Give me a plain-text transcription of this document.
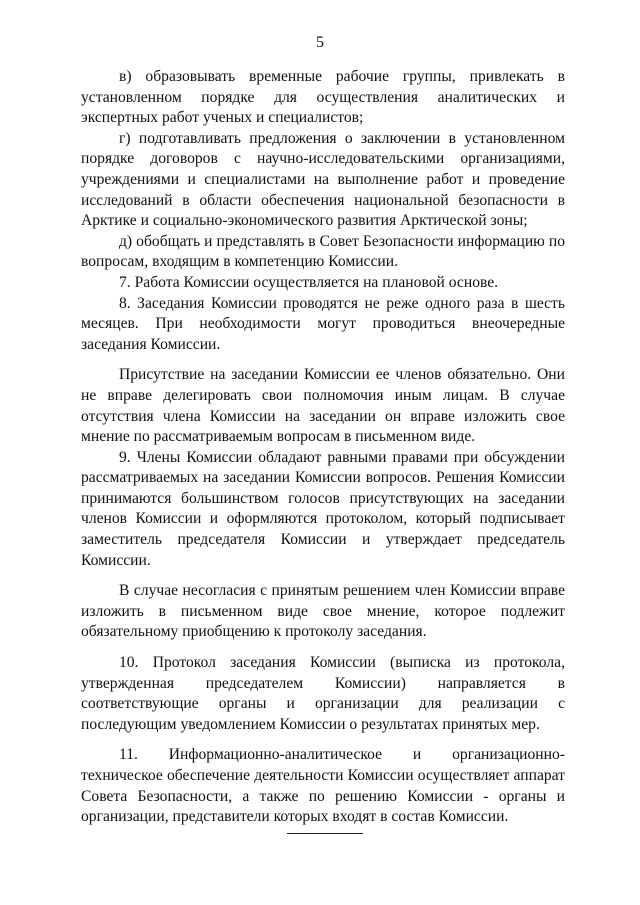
5

в) образовывать временные рабочие группы, привлекать в установленном порядке для осуществления аналитических и экспертных работ ученых и специалистов;

г) подготавливать предложения о заключении в установленном порядке договоров с научно-исследовательскими организациями, учреждениями и специалистами на выполнение работ и проведение исследований в области обеспечения национальной безопасности в Арктике и социально-экономического развития Арктической зоны;

д) обобщать и представлять в Совет Безопасности информацию по вопросам, входящим в компетенцию Комиссии.

7. Работа Комиссии осуществляется на плановой основе.

8. Заседания Комиссии проводятся не реже одного раза в шесть месяцев. При необходимости могут проводиться внеочередные заседания Комиссии.

Присутствие на заседании Комиссии ее членов обязательно. Они не вправе делегировать свои полномочия иным лицам. В случае отсутствия члена Комиссии на заседании он вправе изложить свое мнение по рассматриваемым вопросам в письменном виде.

9. Члены Комиссии обладают равными правами при обсуждении рассматриваемых на заседании Комиссии вопросов. Решения Комиссии принимаются большинством голосов присутствующих на заседании членов Комиссии и оформляются протоколом, который подписывает заместитель председателя Комиссии и утверждает председатель Комиссии.

В случае несогласия с принятым решением член Комиссии вправе изложить в письменном виде свое мнение, которое подлежит обязательному приобщению к протоколу заседания.

10. Протокол заседания Комиссии (выписка из протокола, утвержденная председателем Комиссии) направляется в соответствующие органы и организации для реализации с последующим уведомлением Комиссии о результатах принятых мер.

11. Информационно-аналитическое и организационно-техническое обеспечение деятельности Комиссии осуществляет аппарат Совета Безопасности, а также по решению Комиссии - органы и организации, представители которых входят в состав Комиссии.
